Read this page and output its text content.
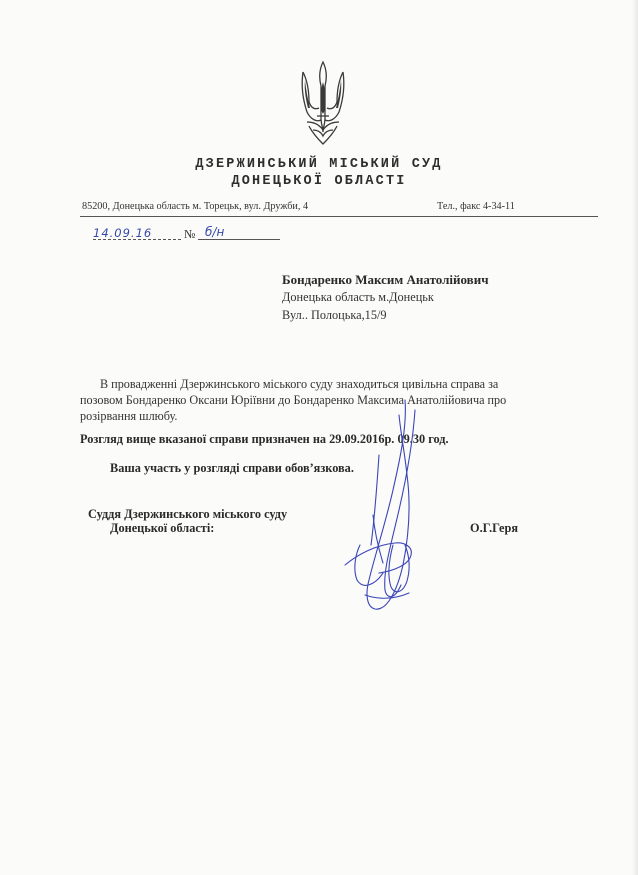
ДЗЕРЖИНСЬКИЙ МІСЬКИЙ СУД
ДОНЕЦЬКОЇ ОБЛАСТІ
85200, Донецька область м. Торецьк, вул. Дружби, 4	Тел., факс 4-34-11
14.09.16	№ б/н

Бондаренко Максим Анатолійович

Донецька область м.Донецьк

Вул.. Полоцька,15/9

В провадженні Дзержинського міського суду знаходиться цивільна справа за

позовом Бондаренко Оксани Юріївни до Бондаренко Максима Анатолійовича про

розірвання шлюбу.

Розгляд вище вказаної справи призначен на 29.09.2016р. 09.30 год.
Ваша участь у розгляді справи обов’язкова.
Суддя Дзержинського міського суду
Донецької області:	О.Г.Геря
